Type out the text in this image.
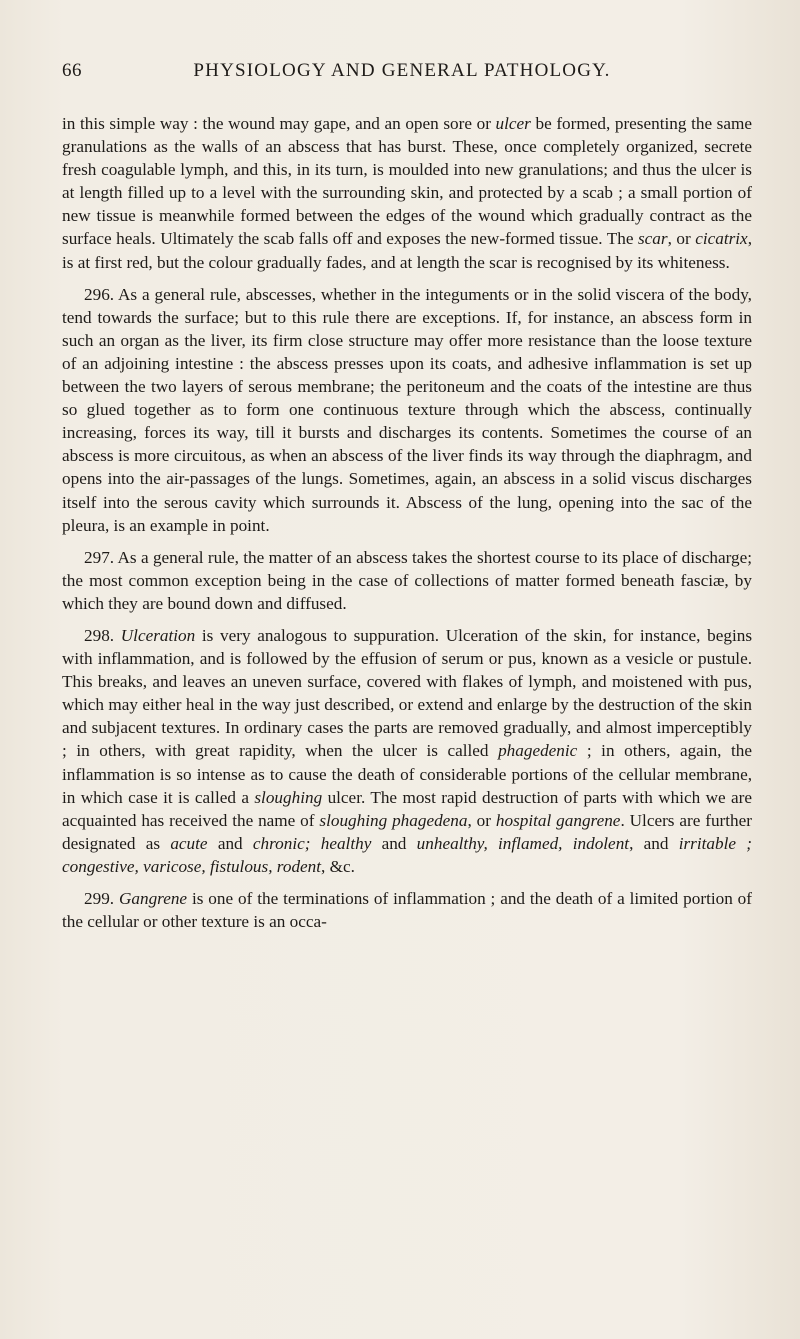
66	PHYSIOLOGY AND GENERAL PATHOLOGY.

in this simple way : the wound may gape, and an open sore or ulcer be formed, presenting the same granulations as the walls of an abscess that has burst. These, once completely organized, secrete fresh coagulable lymph, and this, in its turn, is moulded into new granulations; and thus the ulcer is at length filled up to a level with the surrounding skin, and protected by a scab ; a small portion of new tissue is meanwhile formed between the edges of the wound which gradually contract as the surface heals. Ultimately the scab falls off and exposes the new-formed tissue. The scar, or cicatrix, is at first red, but the colour gradually fades, and at length the scar is recognised by its whiteness.

296. As a general rule, abscesses, whether in the integuments or in the solid viscera of the body, tend towards the surface; but to this rule there are exceptions. If, for instance, an abscess form in such an organ as the liver, its firm close structure may offer more resistance than the loose texture of an adjoining intestine : the abscess presses upon its coats, and adhesive inflammation is set up between the two layers of serous membrane; the peritoneum and the coats of the intestine are thus so glued together as to form one continuous texture through which the abscess, continually increasing, forces its way, till it bursts and discharges its contents. Sometimes the course of an abscess is more circuitous, as when an abscess of the liver finds its way through the diaphragm, and opens into the air-passages of the lungs. Sometimes, again, an abscess in a solid viscus discharges itself into the serous cavity which surrounds it. Abscess of the lung, opening into the sac of the pleura, is an example in point.

297. As a general rule, the matter of an abscess takes the shortest course to its place of discharge; the most common exception being in the case of collections of matter formed beneath fasciæ, by which they are bound down and diffused.

298. Ulceration is very analogous to suppuration. Ulceration of the skin, for instance, begins with inflammation, and is followed by the effusion of serum or pus, known as a vesicle or pustule. This breaks, and leaves an uneven surface, covered with flakes of lymph, and moistened with pus, which may either heal in the way just described, or extend and enlarge by the destruction of the skin and subjacent textures. In ordinary cases the parts are removed gradually, and almost imperceptibly ; in others, with great rapidity, when the ulcer is called phagedenic ; in others, again, the inflammation is so intense as to cause the death of considerable portions of the cellular membrane, in which case it is called a sloughing ulcer. The most rapid destruction of parts with which we are acquainted has received the name of sloughing phagedena, or hospital gangrene. Ulcers are further designated as acute and chronic; healthy and unhealthy, inflamed, indolent, and irritable ; congestive, varicose, fistulous, rodent, &c.

299. Gangrene is one of the terminations of inflammation ; and the death of a limited portion of the cellular or other texture is an occa-
